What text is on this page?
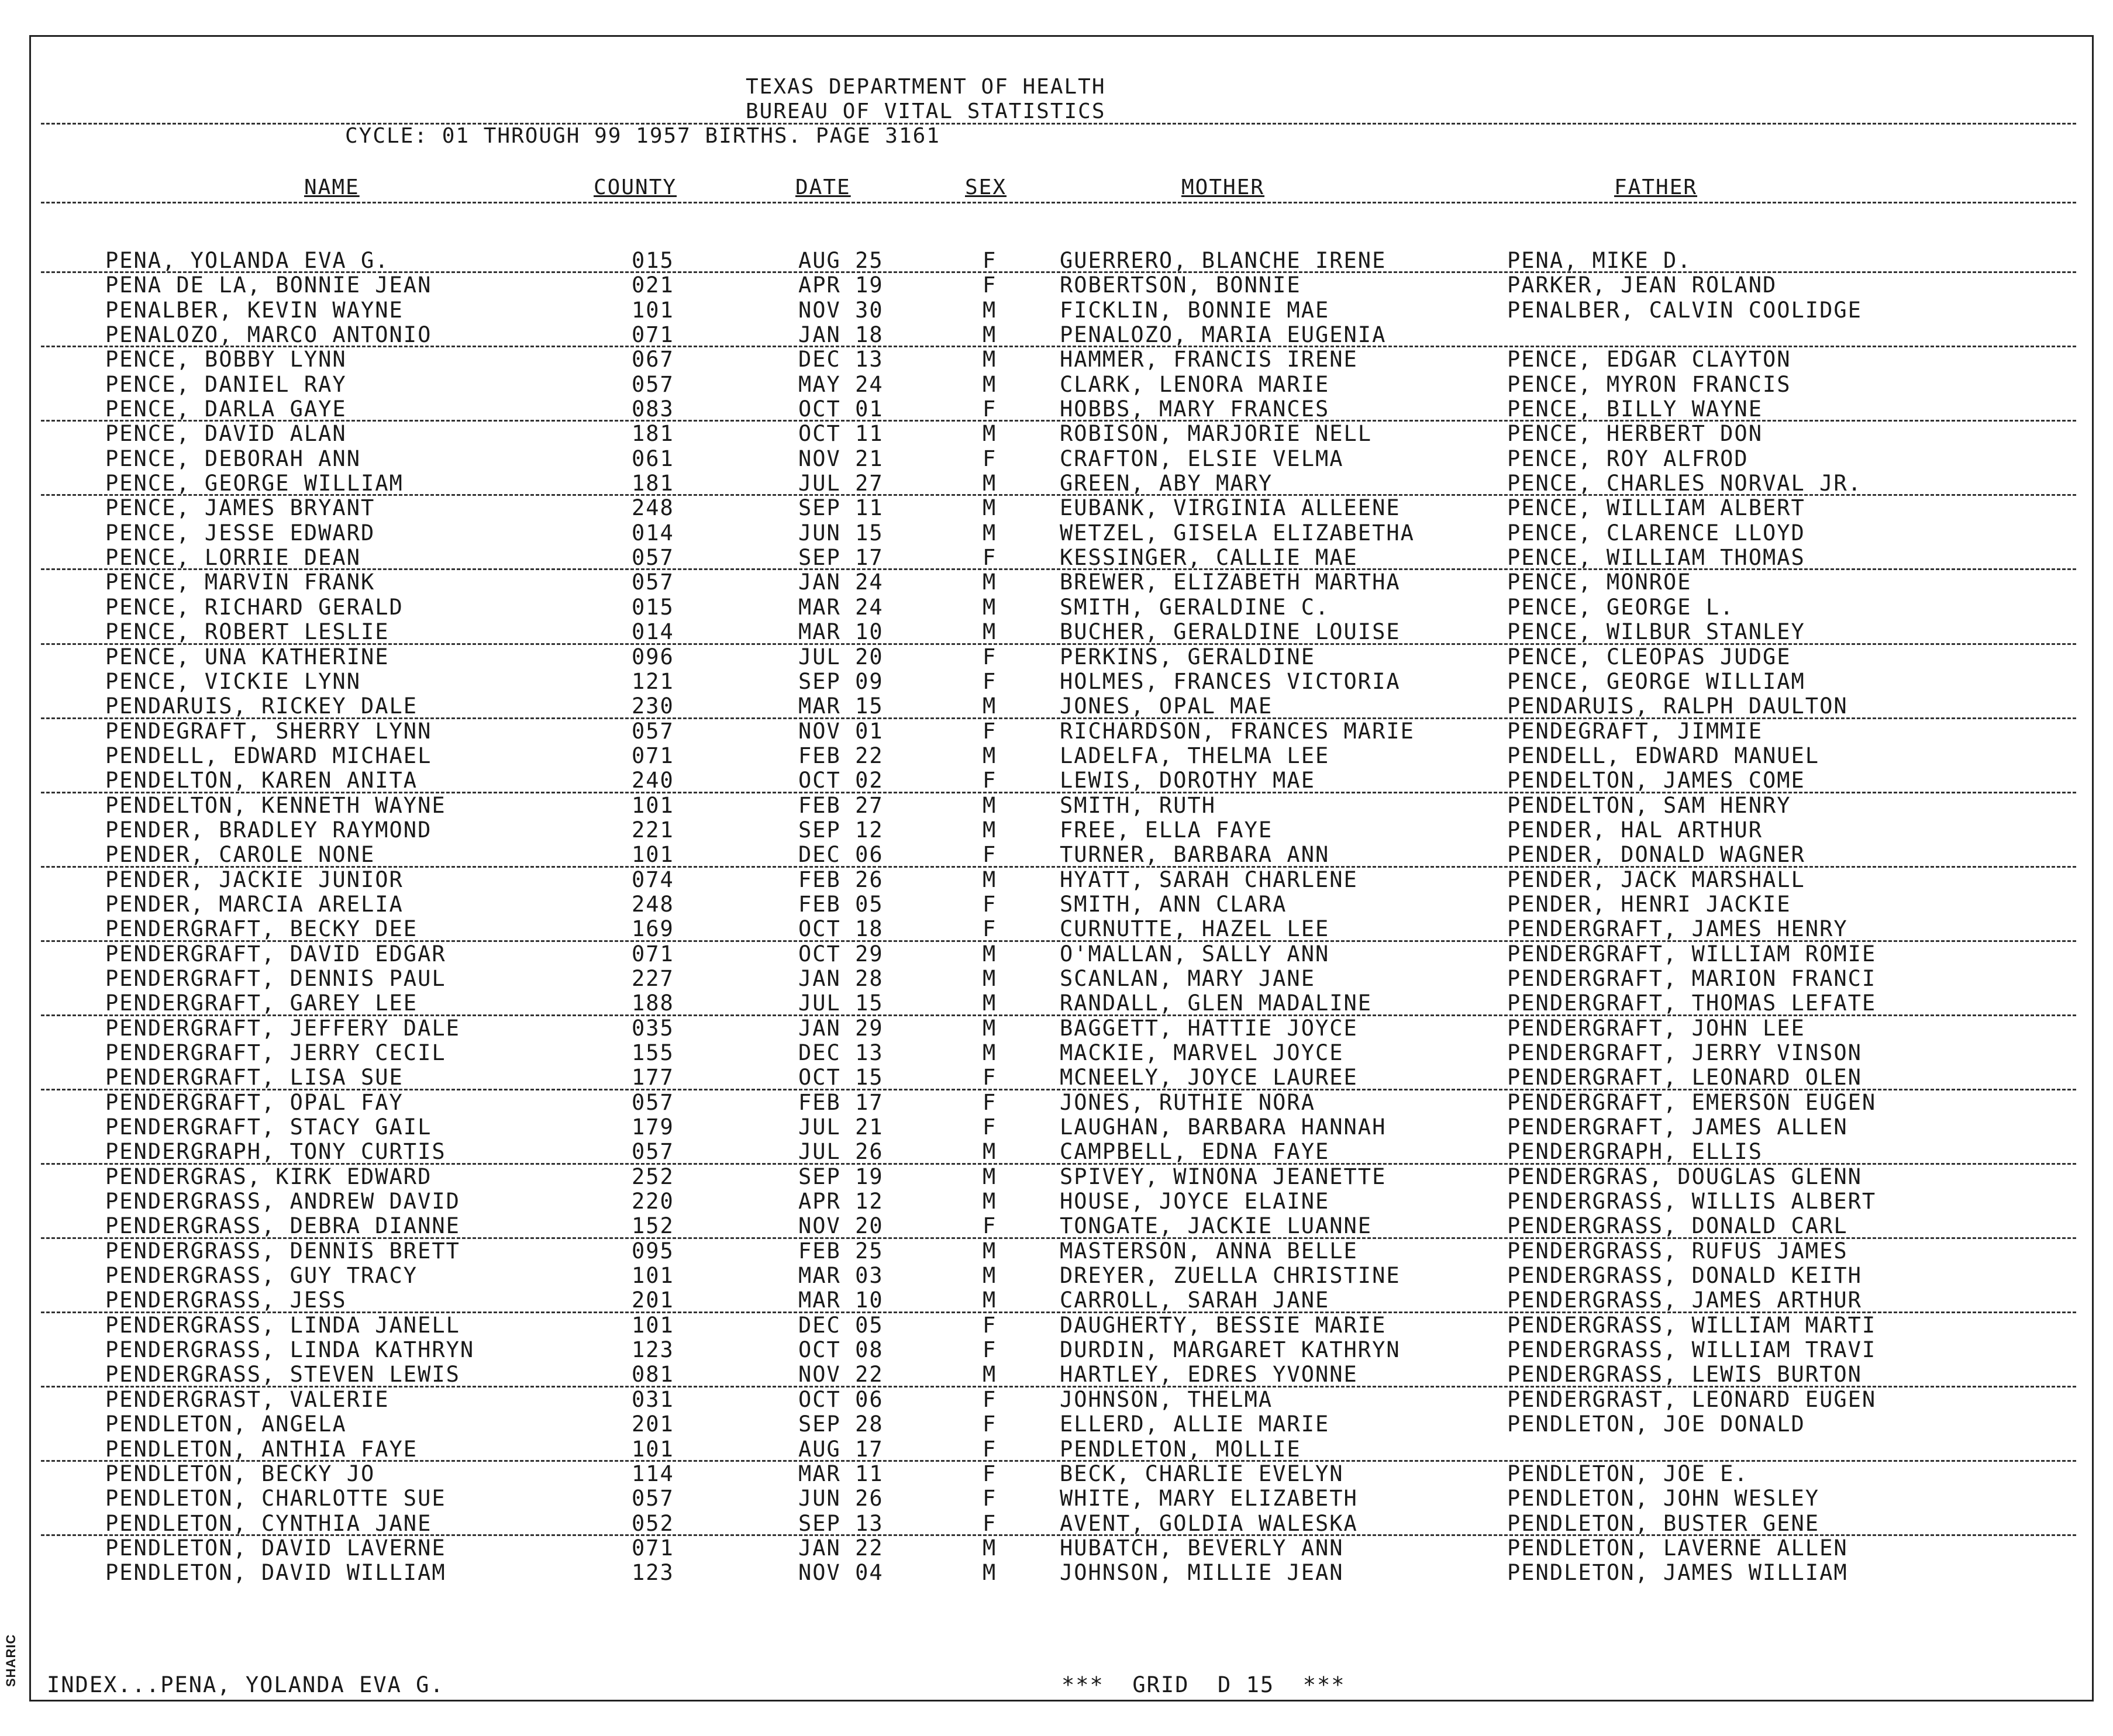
SHARIC
TEXAS DEPARTMENT OF HEALTH
BUREAU OF VITAL STATISTICS
CYCLE: 01 THROUGH 99 1957 BIRTHS. PAGE 3161
NAME	COUNTY	DATE	SEX	MOTHER	FATHER
PENA, YOLANDA EVA G.	015	AUG 25	F	GUERRERO, BLANCHE IRENE	PENA, MIKE D.
PENA DE LA, BONNIE JEAN	021	APR 19	F	ROBERTSON, BONNIE	PARKER, JEAN ROLAND
PENALBER, KEVIN WAYNE	101	NOV 30	M	FICKLIN, BONNIE MAE	PENALBER, CALVIN COOLIDGE
PENALOZO, MARCO ANTONIO	071	JAN 18	M	PENALOZO, MARIA EUGENIA
PENCE, BOBBY LYNN	067	DEC 13	M	HAMMER, FRANCIS IRENE	PENCE, EDGAR CLAYTON
PENCE, DANIEL RAY	057	MAY 24	M	CLARK, LENORA MARIE	PENCE, MYRON FRANCIS
PENCE, DARLA GAYE	083	OCT 01	F	HOBBS, MARY FRANCES	PENCE, BILLY WAYNE
PENCE, DAVID ALAN	181	OCT 11	M	ROBISON, MARJORIE NELL	PENCE, HERBERT DON
PENCE, DEBORAH ANN	061	NOV 21	F	CRAFTON, ELSIE VELMA	PENCE, ROY ALFROD
PENCE, GEORGE WILLIAM	181	JUL 27	M	GREEN, ABY MARY	PENCE, CHARLES NORVAL JR.
PENCE, JAMES BRYANT	248	SEP 11	M	EUBANK, VIRGINIA ALLEENE	PENCE, WILLIAM ALBERT
PENCE, JESSE EDWARD	014	JUN 15	M	WETZEL, GISELA ELIZABETHA	PENCE, CLARENCE LLOYD
PENCE, LORRIE DEAN	057	SEP 17	F	KESSINGER, CALLIE MAE	PENCE, WILLIAM THOMAS
PENCE, MARVIN FRANK	057	JAN 24	M	BREWER, ELIZABETH MARTHA	PENCE, MONROE
PENCE, RICHARD GERALD	015	MAR 24	M	SMITH, GERALDINE C.	PENCE, GEORGE L.
PENCE, ROBERT LESLIE	014	MAR 10	M	BUCHER, GERALDINE LOUISE	PENCE, WILBUR STANLEY
PENCE, UNA KATHERINE	096	JUL 20	F	PERKINS, GERALDINE	PENCE, CLEOPAS JUDGE
PENCE, VICKIE LYNN	121	SEP 09	F	HOLMES, FRANCES VICTORIA	PENCE, GEORGE WILLIAM
PENDARUIS, RICKEY DALE	230	MAR 15	M	JONES, OPAL MAE	PENDARUIS, RALPH DAULTON
PENDEGRAFT, SHERRY LYNN	057	NOV 01	F	RICHARDSON, FRANCES MARIE	PENDEGRAFT, JIMMIE
PENDELL, EDWARD MICHAEL	071	FEB 22	M	LADELFA, THELMA LEE	PENDELL, EDWARD MANUEL
PENDELTON, KAREN ANITA	240	OCT 02	F	LEWIS, DOROTHY MAE	PENDELTON, JAMES COME
PENDELTON, KENNETH WAYNE	101	FEB 27	M	SMITH, RUTH	PENDELTON, SAM HENRY
PENDER, BRADLEY RAYMOND	221	SEP 12	M	FREE, ELLA FAYE	PENDER, HAL ARTHUR
PENDER, CAROLE NONE	101	DEC 06	F	TURNER, BARBARA ANN	PENDER, DONALD WAGNER
PENDER, JACKIE JUNIOR	074	FEB 26	M	HYATT, SARAH CHARLENE	PENDER, JACK MARSHALL
PENDER, MARCIA ARELIA	248	FEB 05	F	SMITH, ANN CLARA	PENDER, HENRI JACKIE
PENDERGRAFT, BECKY DEE	169	OCT 18	F	CURNUTTE, HAZEL LEE	PENDERGRAFT, JAMES HENRY
PENDERGRAFT, DAVID EDGAR	071	OCT 29	M	O'MALLAN, SALLY ANN	PENDERGRAFT, WILLIAM ROMIE
PENDERGRAFT, DENNIS PAUL	227	JAN 28	M	SCANLAN, MARY JANE	PENDERGRAFT, MARION FRANCI
PENDERGRAFT, GAREY LEE	188	JUL 15	M	RANDALL, GLEN MADALINE	PENDERGRAFT, THOMAS LEFATE
PENDERGRAFT, JEFFERY DALE	035	JAN 29	M	BAGGETT, HATTIE JOYCE	PENDERGRAFT, JOHN LEE
PENDERGRAFT, JERRY CECIL	155	DEC 13	M	MACKIE, MARVEL JOYCE	PENDERGRAFT, JERRY VINSON
PENDERGRAFT, LISA SUE	177	OCT 15	F	MCNEELY, JOYCE LAUREE	PENDERGRAFT, LEONARD OLEN
PENDERGRAFT, OPAL FAY	057	FEB 17	F	JONES, RUTHIE NORA	PENDERGRAFT, EMERSON EUGEN
PENDERGRAFT, STACY GAIL	179	JUL 21	F	LAUGHAN, BARBARA HANNAH	PENDERGRAFT, JAMES ALLEN
PENDERGRAPH, TONY CURTIS	057	JUL 26	M	CAMPBELL, EDNA FAYE	PENDERGRAPH, ELLIS
PENDERGRAS, KIRK EDWARD	252	SEP 19	M	SPIVEY, WINONA JEANETTE	PENDERGRAS, DOUGLAS GLENN
PENDERGRASS, ANDREW DAVID	220	APR 12	M	HOUSE, JOYCE ELAINE	PENDERGRASS, WILLIS ALBERT
PENDERGRASS, DEBRA DIANNE	152	NOV 20	F	TONGATE, JACKIE LUANNE	PENDERGRASS, DONALD CARL
PENDERGRASS, DENNIS BRETT	095	FEB 25	M	MASTERSON, ANNA BELLE	PENDERGRASS, RUFUS JAMES
PENDERGRASS, GUY TRACY	101	MAR 03	M	DREYER, ZUELLA CHRISTINE	PENDERGRASS, DONALD KEITH
PENDERGRASS, JESS	201	MAR 10	M	CARROLL, SARAH JANE	PENDERGRASS, JAMES ARTHUR
PENDERGRASS, LINDA JANELL	101	DEC 05	F	DAUGHERTY, BESSIE MARIE	PENDERGRASS, WILLIAM MARTI
PENDERGRASS, LINDA KATHRYN	123	OCT 08	F	DURDIN, MARGARET KATHRYN	PENDERGRASS, WILLIAM TRAVI
PENDERGRASS, STEVEN LEWIS	081	NOV 22	M	HARTLEY, EDRES YVONNE	PENDERGRASS, LEWIS BURTON
PENDERGRAST, VALERIE	031	OCT 06	F	JOHNSON, THELMA	PENDERGRAST, LEONARD EUGEN
PENDLETON, ANGELA	201	SEP 28	F	ELLERD, ALLIE MARIE	PENDLETON, JOE DONALD
PENDLETON, ANTHIA FAYE	101	AUG 17	F	PENDLETON, MOLLIE
PENDLETON, BECKY JO	114	MAR 11	F	BECK, CHARLIE EVELYN	PENDLETON, JOE E.
PENDLETON, CHARLOTTE SUE	057	JUN 26	F	WHITE, MARY ELIZABETH	PENDLETON, JOHN WESLEY
PENDLETON, CYNTHIA JANE	052	SEP 13	F	AVENT, GOLDIA WALESKA	PENDLETON, BUSTER GENE
PENDLETON, DAVID LAVERNE	071	JAN 22	M	HUBATCH, BEVERLY ANN	PENDLETON, LAVERNE ALLEN
PENDLETON, DAVID WILLIAM	123	NOV 04	M	JOHNSON, MILLIE JEAN	PENDLETON, JAMES WILLIAM
INDEX...PENA, YOLANDA EVA G.	***  GRID  D 15  ***
